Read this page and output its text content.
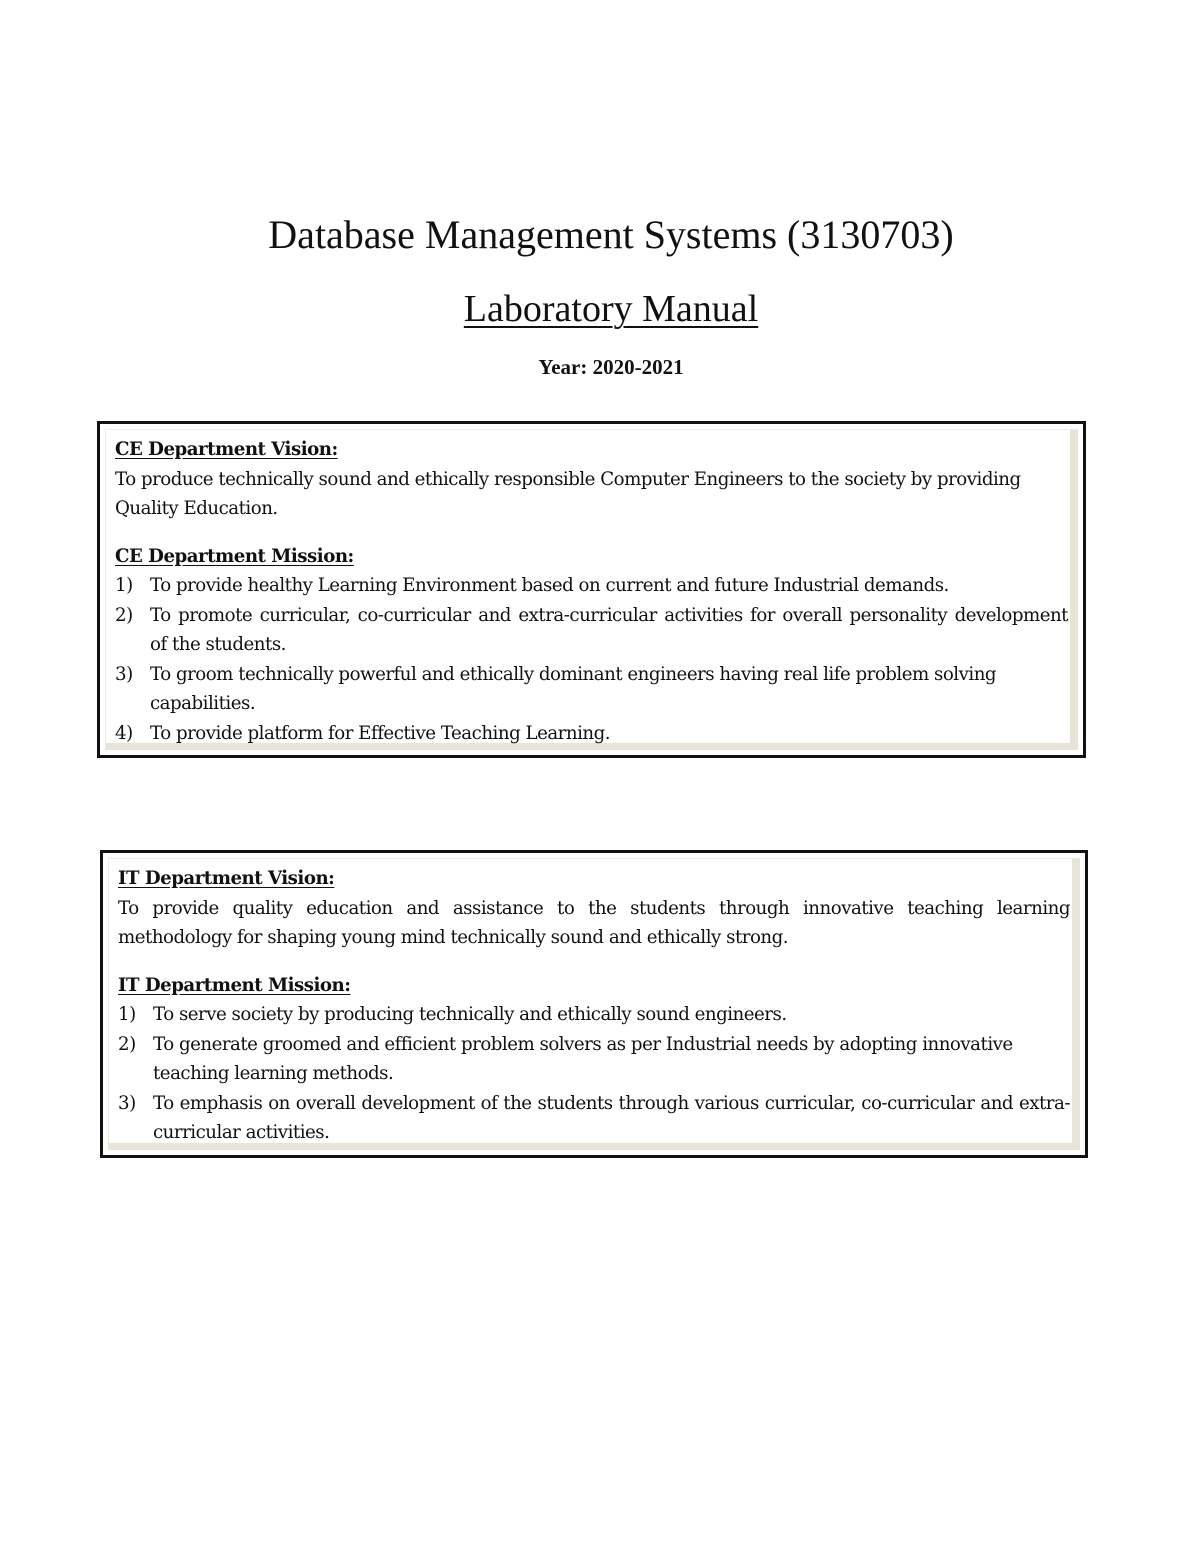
Database Management Systems (3130703)
Laboratory Manual
Year: 2020-2021
CE Department Vision:

To produce technically sound and ethically responsible Computer Engineers to the society by providing Quality Education.

CE Department Mission:
1) To provide healthy Learning Environment based on current and future Industrial demands.
2) To promote curricular, co-curricular and extra-curricular activities for overall personality development of the students.
3) To groom technically powerful and ethically dominant engineers having real life problem solving capabilities.
4) To provide platform for Effective Teaching Learning.
IT Department Vision:

To provide quality education and assistance to the students through innovative teaching learning methodology for shaping young mind technically sound and ethically strong.

IT Department Mission:
1) To serve society by producing technically and ethically sound engineers.
2) To generate groomed and efficient problem solvers as per Industrial needs by adopting innovative teaching learning methods.
3) To emphasis on overall development of the students through various curricular, co-curricular and extra-curricular activities.
